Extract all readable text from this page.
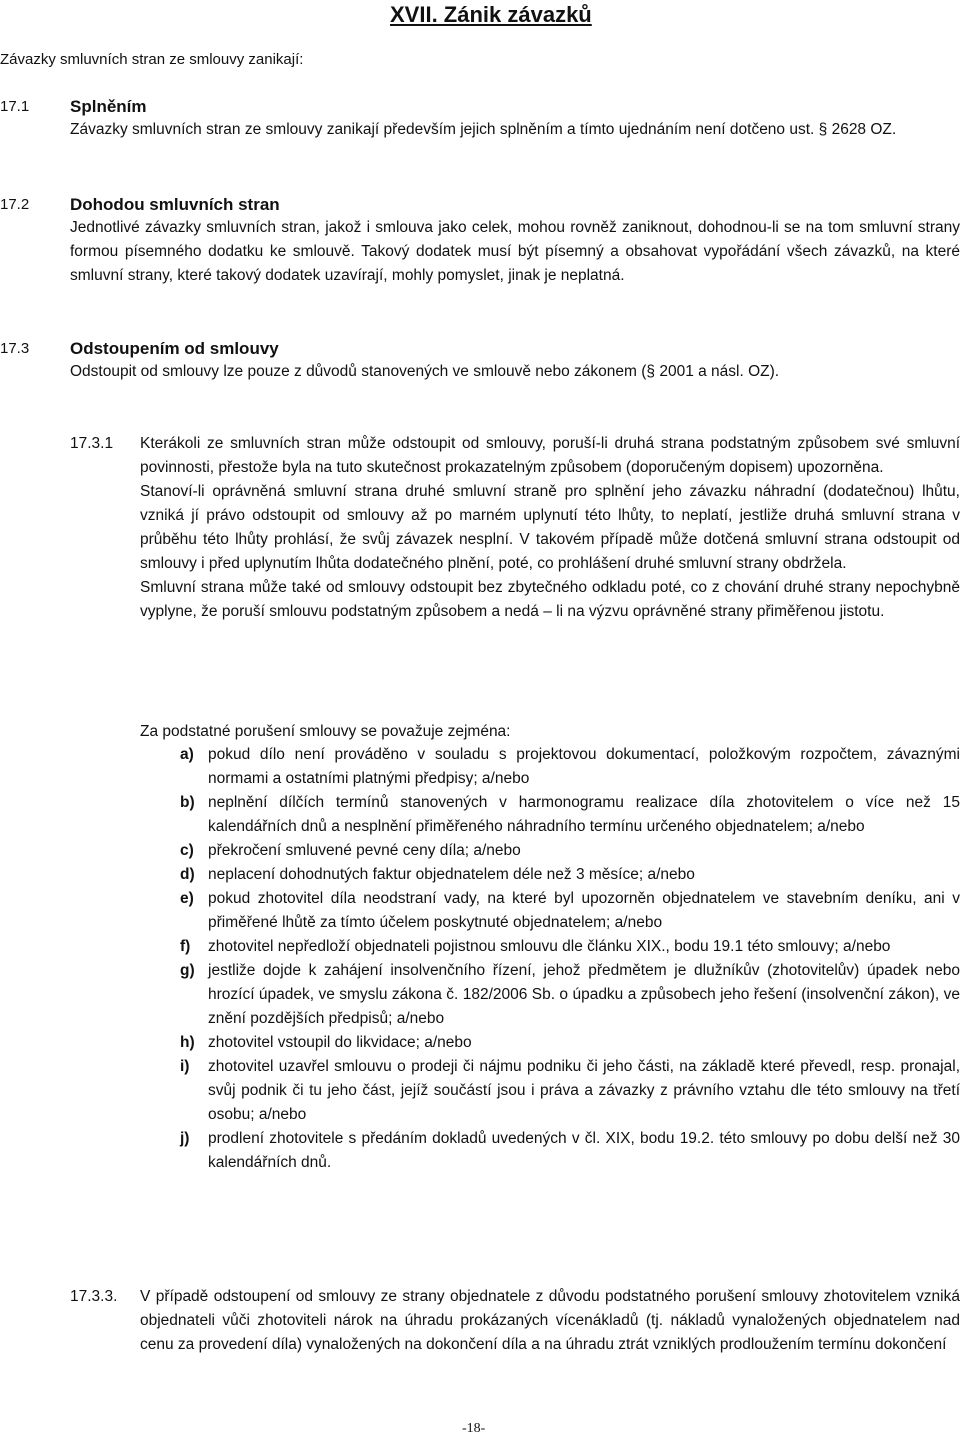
XVII. Zánik závazků
Závazky smluvních stran ze smlouvy zanikají:
17.1	Splněním
Závazky smluvních stran ze smlouvy zanikají především jejich splněním a tímto ujednáním není dotčeno ust. § 2628 OZ.
17.2	Dohodou smluvních stran
Jednotlivé závazky smluvních stran, jakož i smlouva jako celek, mohou rovněž zaniknout, dohodnou-li se na tom smluvní strany formou písemného dodatku ke smlouvě. Takový dodatek musí být písemný a obsahovat vypořádání všech závazků, na které smluvní strany, které takový dodatek uzavírají, mohly pomyslet, jinak je neplatná.
17.3	Odstoupením od smlouvy
Odstoupit od smlouvy lze pouze z důvodů stanovených ve smlouvě nebo zákonem (§ 2001 a násl. OZ).
17.3.1	Kterákoli ze smluvních stran může odstoupit od smlouvy, poruší-li druhá strana podstatným způsobem své smluvní povinnosti, přestože byla na tuto skutečnost prokazatelným způsobem (doporučeným dopisem) upozorněna.

Stanoví-li oprávněná smluvní strana druhé smluvní straně pro splnění jeho závazku náhradní (dodatečnou) lhůtu, vzniká jí právo odstoupit od smlouvy až po marném uplynutí této lhůty, to neplatí, jestliže druhá smluvní strana v průběhu této lhůty prohlásí, že svůj závazek nesplní. V takovém případě může dotčená smluvní strana odstoupit od smlouvy i před uplynutím lhůta dodatečného plnění, poté, co prohlášení druhé smluvní strany obdržela.

Smluvní strana může také od smlouvy odstoupit bez zbytečného odkladu poté, co z chování druhé strany nepochybně vyplyne, že poruší smlouvu podstatným způsobem a nedá – li na výzvu oprávněné strany přiměřenou jistotu.

Za podstatné porušení smlouvy se považuje zejména:
a) pokud dílo není prováděno v souladu s projektovou dokumentací, položkovým rozpočtem, závaznými normami a ostatními platnými předpisy; a/nebo
b) neplnění dílčích termínů stanovených v harmonogramu realizace díla zhotovitelem o více než 15 kalendářních dnů a nesplnění přiměřeného náhradního termínu určeného objednatelem; a/nebo
c) překročení smluvené pevné ceny díla; a/nebo
d) neplacení dohodnutých faktur objednatelem déle než 3 měsíce; a/nebo
e) pokud zhotovitel díla neodstraní vady, na které byl upozorněn objednatelem ve stavebním deníku, ani v přiměřené lhůtě za tímto účelem poskytnuté objednatelem; a/nebo
f)	zhotovitel nepředloží objednateli pojistnou smlouvu dle článku XIX., bodu 19.1 této smlouvy; a/nebo
g) jestliže dojde k zahájení insolvenčního řízení, jehož předmětem je dlužníkův (zhotovitelův) úpadek nebo hrozící úpadek, ve smyslu zákona č. 182/2006 Sb. o úpadku a způsobech jeho řešení (insolvenční zákon), ve znění pozdějších předpisů; a/nebo
h) zhotovitel vstoupil do likvidace; a/nebo
i)	zhotovitel uzavřel smlouvu o prodeji či nájmu podniku či jeho části, na základě které převedl, resp. pronajal, svůj podnik či tu jeho část, jejíž součástí jsou i práva a závazky z právního vztahu dle této smlouvy na třetí osobu; a/nebo
j)	prodlení zhotovitele s předáním dokladů uvedených v čl. XIX, bodu 19.2. této smlouvy po dobu delší než 30 kalendářních dnů.
17.3.3.	V případě odstoupení od smlouvy ze strany objednatele z důvodu podstatného porušení smlouvy zhotovitelem vzniká objednateli vůči zhotoviteli nárok na úhradu prokázaných vícenákladů (tj. nákladů vynaložených objednatelem nad cenu za provedení díla) vynaložených na dokončení díla a na úhradu ztrát vzniklých prodloužením termínu dokončení
-18-
